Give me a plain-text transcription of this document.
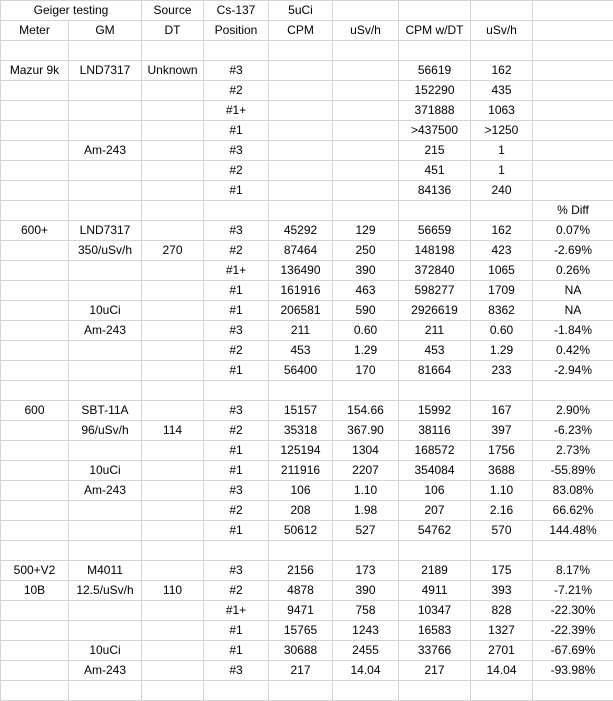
Geiger testing		Source	Cs-137	5uCi				
Meter	GM	DT	Position	CPM	uSv/h	CPM w/DT	uSv/h	

Mazur 9k	LND7317	Unknown	#3			56619	162	
			#2			152290	435	
			#1+			371888	1063	
			#1			>437500	>1250	
	Am-243		#3			215	1	
			#2			451	1	
			#1			84136	240	
								% Diff
600+	LND7317		#3	45292	129	56659	162	0.07%
	350/uSv/h	270	#2	87464	250	148198	423	-2.69%
			#1+	136490	390	372840	1065	0.26%
			#1	161916	463	598277	1709	NA
	10uCi		#1	206581	590	2926619	8362	NA
	Am-243		#3	211	0.60	211	0.60	-1.84%
			#2	453	1.29	453	1.29	0.42%
			#1	56400	170	81664	233	-2.94%

600	SBT-11A		#3	15157	154.66	15992	167	2.90%
	96/uSv/h	114	#2	35318	367.90	38116	397	-6.23%
			#1	125194	1304	168572	1756	2.73%
	10uCi		#1	211916	2207	354084	3688	-55.89%
	Am-243		#3	106	1.10	106	1.10	83.08%
			#2	208	1.98	207	2.16	66.62%
			#1	50612	527	54762	570	144.48%

500+V2	M4011		#3	2156	173	2189	175	8.17%
10B	12.5/uSv/h	110	#2	4878	390	4911	393	-7.21%
			#1+	9471	758	10347	828	-22.30%
			#1	15765	1243	16583	1327	-22.39%
	10uCi		#1	30688	2455	33766	2701	-67.69%
	Am-243		#3	217	14.04	217	14.04	-93.98%
